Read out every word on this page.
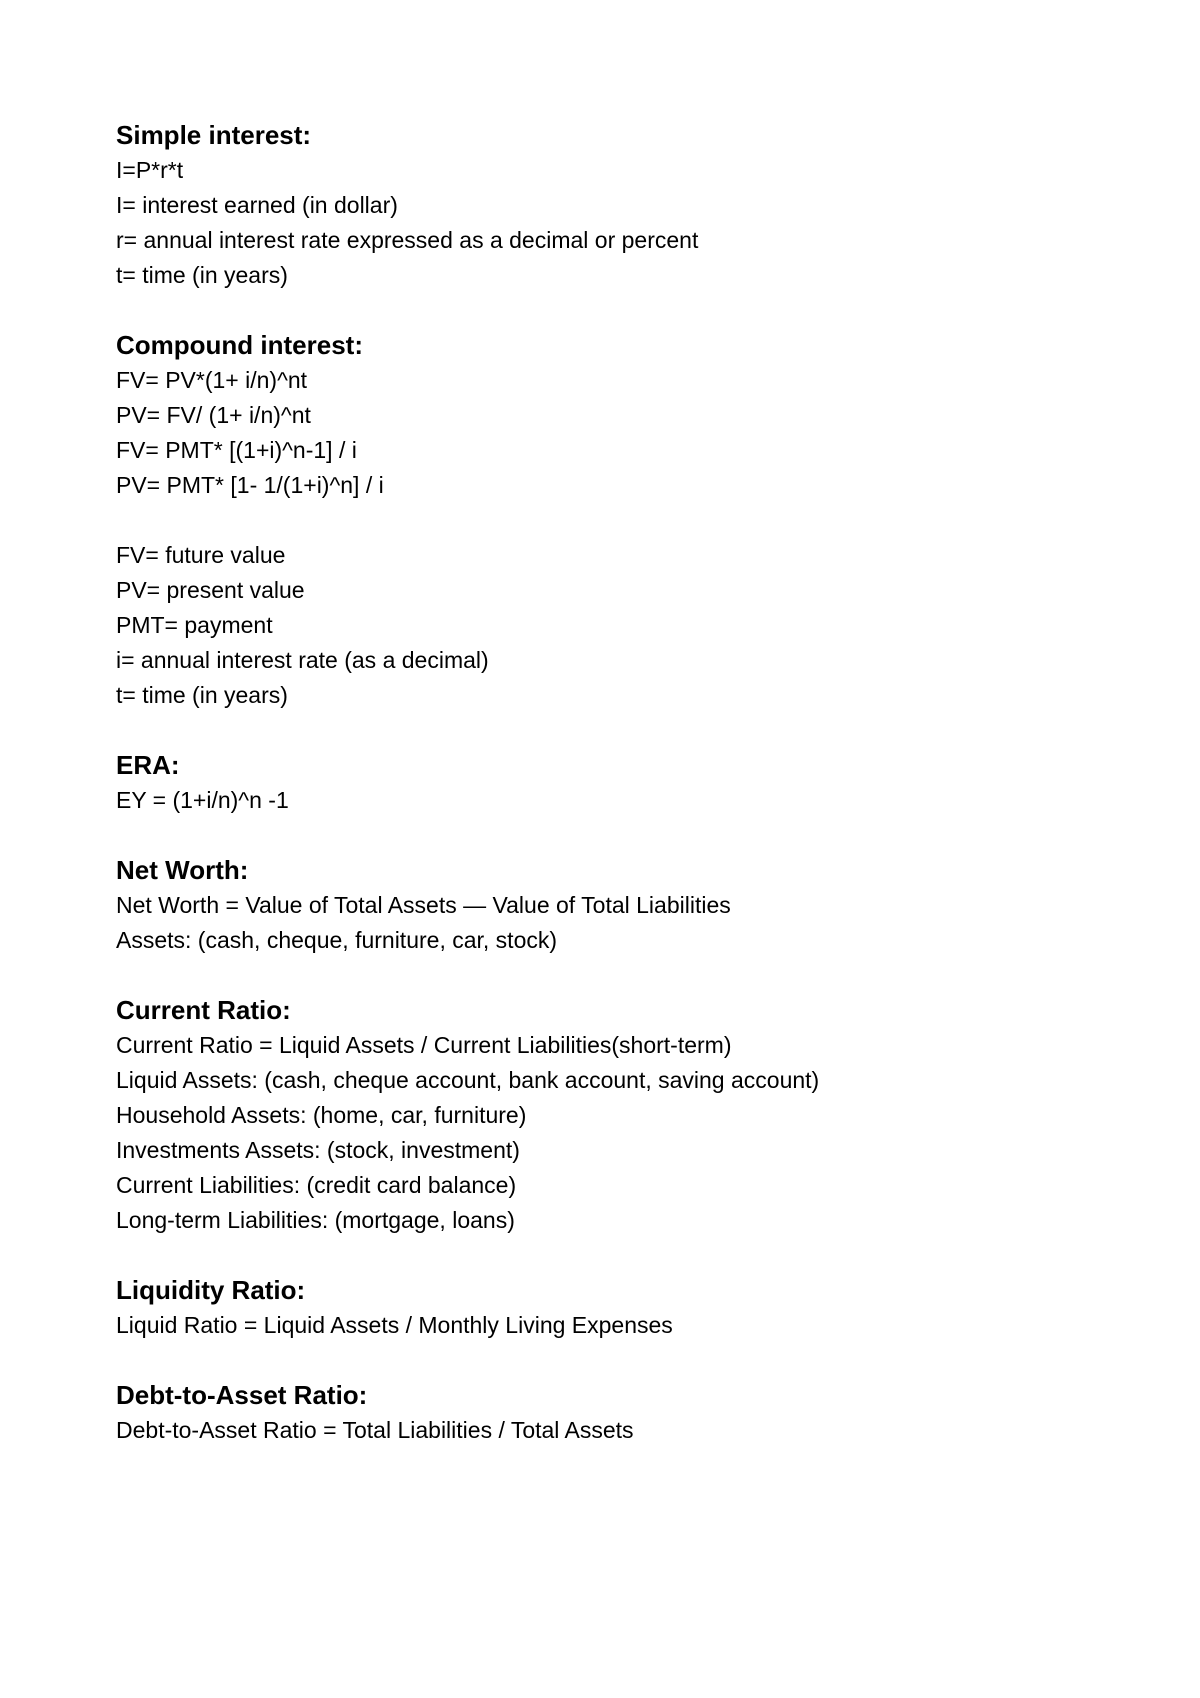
Simple interest:
I=P*r*t
I= interest earned (in dollar)
r= annual interest rate expressed as a decimal or percent
t= time (in years)
Compound interest:
FV= PV*(1+ i/n)^nt
PV= FV/ (1+ i/n)^nt
FV= PMT* [(1+i)^n-1] / i
PV= PMT* [1- 1/(1+i)^n] / i
FV= future value
PV= present value
PMT= payment
i= annual interest rate (as a decimal)
t= time (in years)
ERA:
EY = (1+i/n)^n -1
Net Worth:
Net Worth = Value of Total Assets — Value of Total Liabilities
Assets: (cash, cheque, furniture, car, stock)
Current Ratio:
Current Ratio = Liquid Assets / Current Liabilities(short-term)
Liquid Assets: (cash, cheque account, bank account, saving account)
Household Assets: (home, car, furniture)
Investments Assets: (stock, investment)
Current Liabilities: (credit card balance)
Long-term Liabilities: (mortgage, loans)
Liquidity Ratio:
Liquid Ratio = Liquid Assets / Monthly Living Expenses
Debt-to-Asset Ratio:
Debt-to-Asset Ratio = Total Liabilities / Total Assets
